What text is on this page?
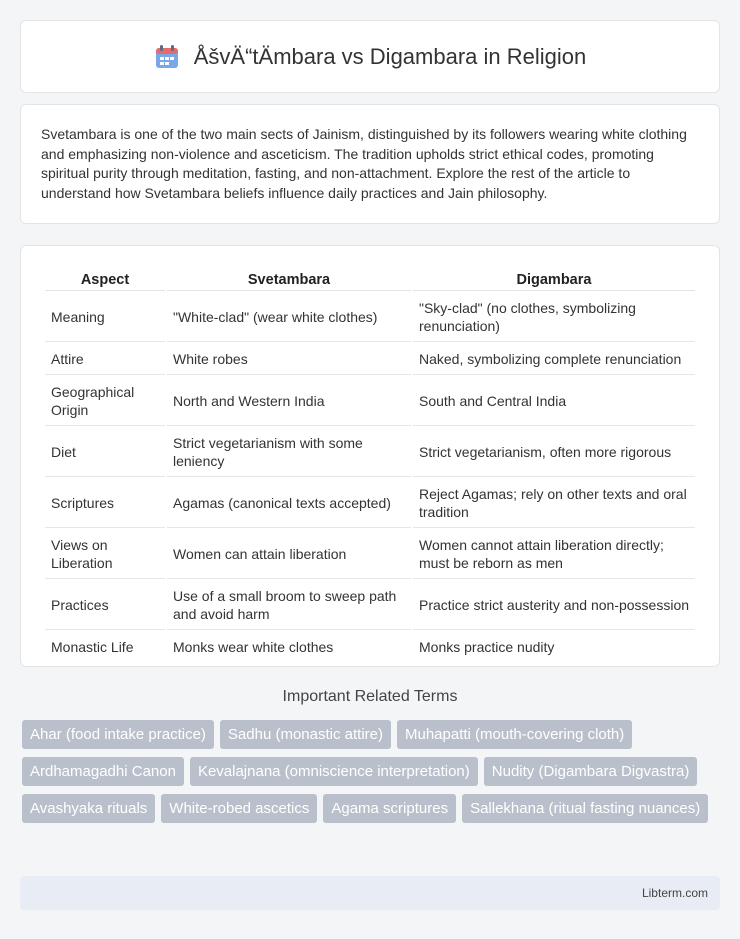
ÅšvÄ“tÄmbara vs Digambara in Religion

Svetambara is one of the two main sects of Jainism, distinguished by its followers wearing white clothing and emphasizing non-violence and asceticism. The tradition upholds strict ethical codes, promoting spiritual purity through meditation, fasting, and non-attachment. Explore the rest of the article to understand how Svetambara beliefs influence daily practices and Jain philosophy.

Aspect	Svetambara	Digambara
Meaning	"White-clad" (wear white clothes)	"Sky-clad" (no clothes, symbolizing renunciation)
Attire	White robes	Naked, symbolizing complete renunciation
Geographical Origin	North and Western India	South and Central India
Diet	Strict vegetarianism with some leniency	Strict vegetarianism, often more rigorous
Scriptures	Agamas (canonical texts accepted)	Reject Agamas; rely on other texts and oral tradition
Views on Liberation	Women can attain liberation	Women cannot attain liberation directly; must be reborn as men
Practices	Use of a small broom to sweep path and avoid harm	Practice strict austerity and non-possession
Monastic Life	Monks wear white clothes	Monks practice nudity
Important Related Terms
Ahar (food intake practice)	Sadhu (monastic attire)	Muhapatti (mouth-covering cloth)
Ardhamagadhi Canon	Kevalajnana (omniscience interpretation)	Nudity (Digambara Digvastra)
Avashyaka rituals	White-robed ascetics	Agama scriptures	Sallekhana (ritual fasting nuances)
Libterm.com
